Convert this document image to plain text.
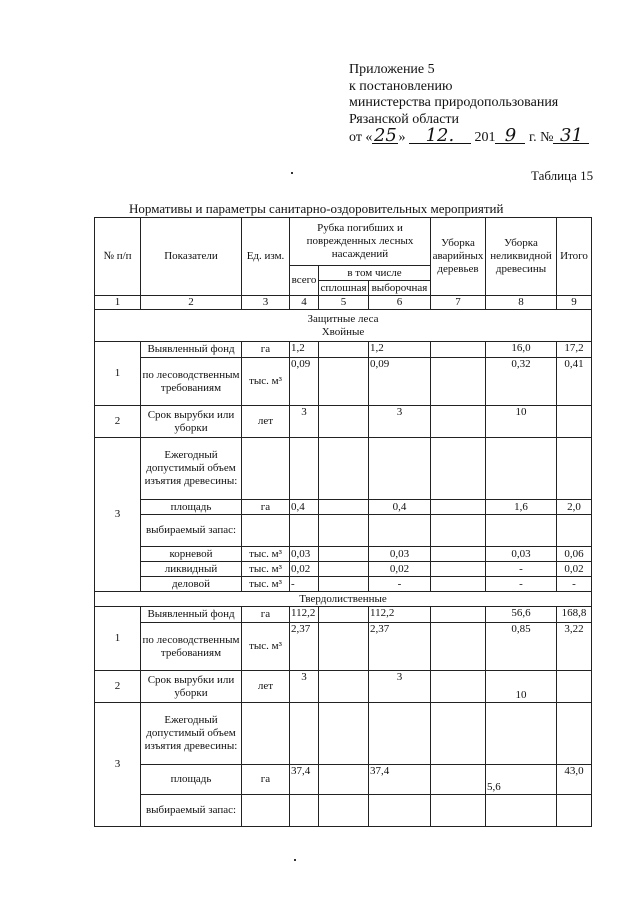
Приложение 5
к постановлению
министерства природопользования
Рязанской области
от «25 » 12. 201 9 г. № 31
Таблица 15
Нормативы и параметры санитарно-оздоровительных мероприятий
№ п/п	Показатели	Ед. изм.	Рубка погибших и поврежденных лесных насаждений			Уборка аварийных деревьев	Уборка неликвидной древесины	Итого
			всего	в том числе				
				сплошная	выборочная			
1	2	3	4	5	6	7	8	9

Защитные леса
Хвойные								

1	Выявленный фонд	га	1,2		1,2		16,0	17,2
	по лесоводственным требованиям	тыс. м³	0,09		0,09		0,32	0,41
2	Срок вырубки или уборки	лет	3		3		10	
3	Ежегодный допустимый объем изъятия древесины:							
	площадь	га	0,4		0,4		1,6	2,0
	выбираемый запас:							
	корневой	тыс. м³	0,03		0,03		0,03	0,06
	ликвидный	тыс. м³	0,02		0,02		-	0,02
	деловой	тыс. м³	-		-		-	-
Твердолиственные								
1	Выявленный фонд	га	112,2		112,2		56,6	168,8
	по лесоводственным требованиям	тыс. м³	2,37		2,37		0,85	3,22
2	Срок вырубки или уборки	лет	3		3		10	
3	Ежегодный допустимый объем изъятия древесины:							
	площадь	га	37,4		37,4		5,6	43,0
	выбираемый запас:							
